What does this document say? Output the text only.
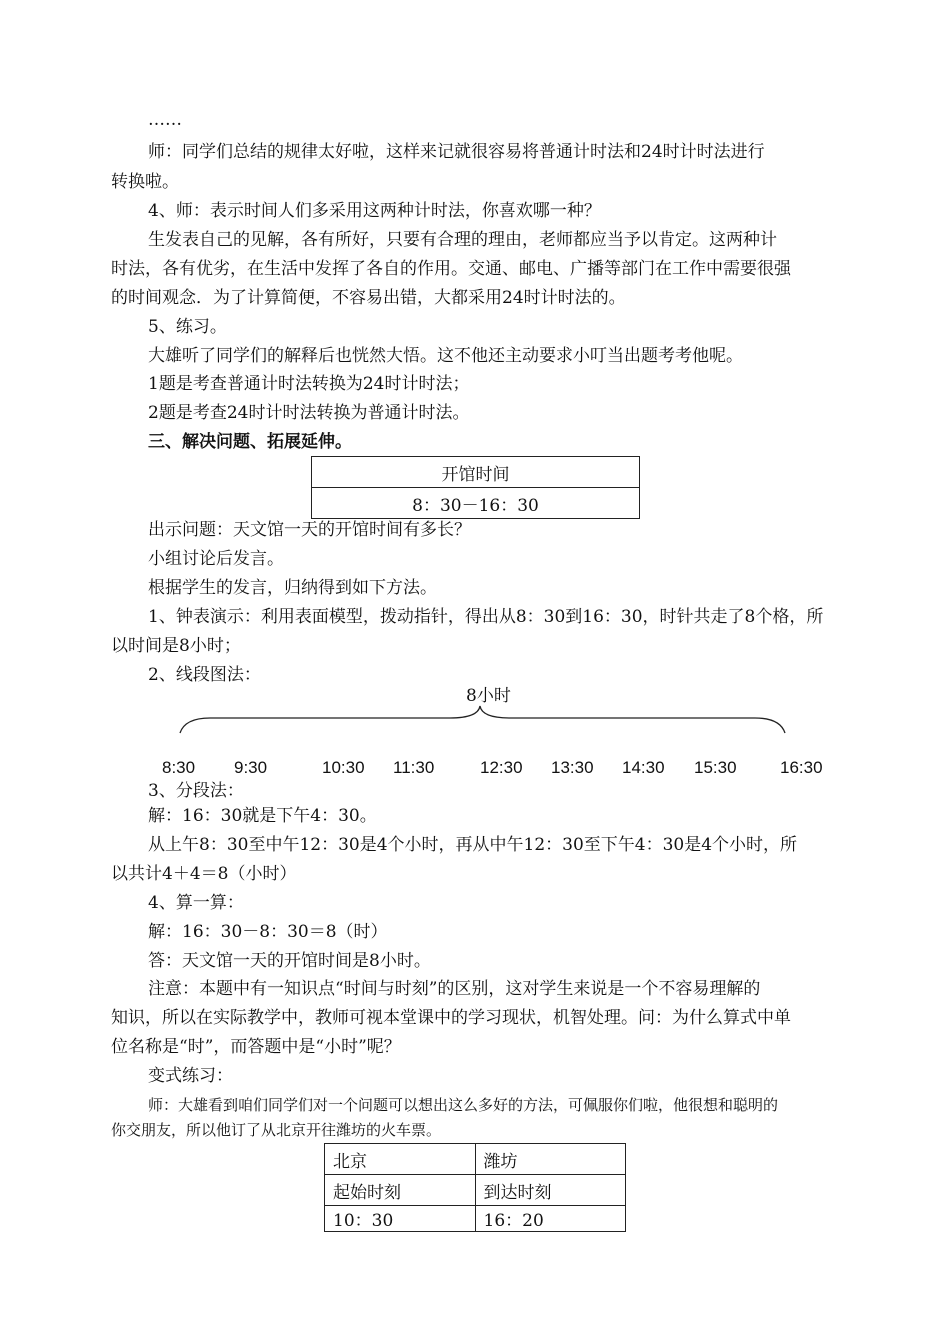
……
师：同学们总结的规律太好啦，这样来记就很容易将普通计时法和24时计时法进行
转换啦。
4、师：表示时间人们多采用这两种计时法，你喜欢哪一种？
生发表自己的见解，各有所好，只要有合理的理由，老师都应当予以肯定。这两种计
时法，各有优劣，在生活中发挥了各自的作用。交通、邮电、广播等部门在工作中需要很强
的时间观念．为了计算简便，不容易出错，大都采用24时计时法的。
5、练习。
大雄听了同学们的解释后也恍然大悟。这不他还主动要求小叮当出题考考他呢。
1题是考查普通计时法转换为24时计时法；
2题是考查24时计时法转换为普通计时法。
三、解决问题、拓展延伸。
开馆时间
8：30－16：30
出示问题：天文馆一天的开馆时间有多长？
小组讨论后发言。
根据学生的发言，归纳得到如下方法。
1、钟表演示：利用表面模型，拨动指针，得出从8：30到16：30，时针共走了8个格，所
以时间是8小时；
2、线段图法：
8小时
8:30 9:30	10:30 11:30	12:30 13:30 14:30 15:30	16:30
3、分段法：
解：16：30就是下午4：30。
从上午8：30至中午12：30是4个小时，再从中午12：30至下午4：30是4个小时，所
以共计4＋4＝8（小时）
4、算一算：
解：16：30－8：30＝8（时）
答：天文馆一天的开馆时间是8小时。
注意：本题中有一知识点“时间与时刻”的区别，这对学生来说是一个不容易理解的
知识，所以在实际教学中，教师可视本堂课中的学习现状，机智处理。问：为什么算式中单
位名称是“时”，而答题中是“小时”呢？
变式练习：
师：大雄看到咱们同学们对一个问题可以想出这么多好的方法，可佩服你们啦，他很想和聪明的
你交朋友，所以他订了从北京开往潍坊的火车票。
北京	潍坊
起始时刻	到达时刻
10：30	16：20
